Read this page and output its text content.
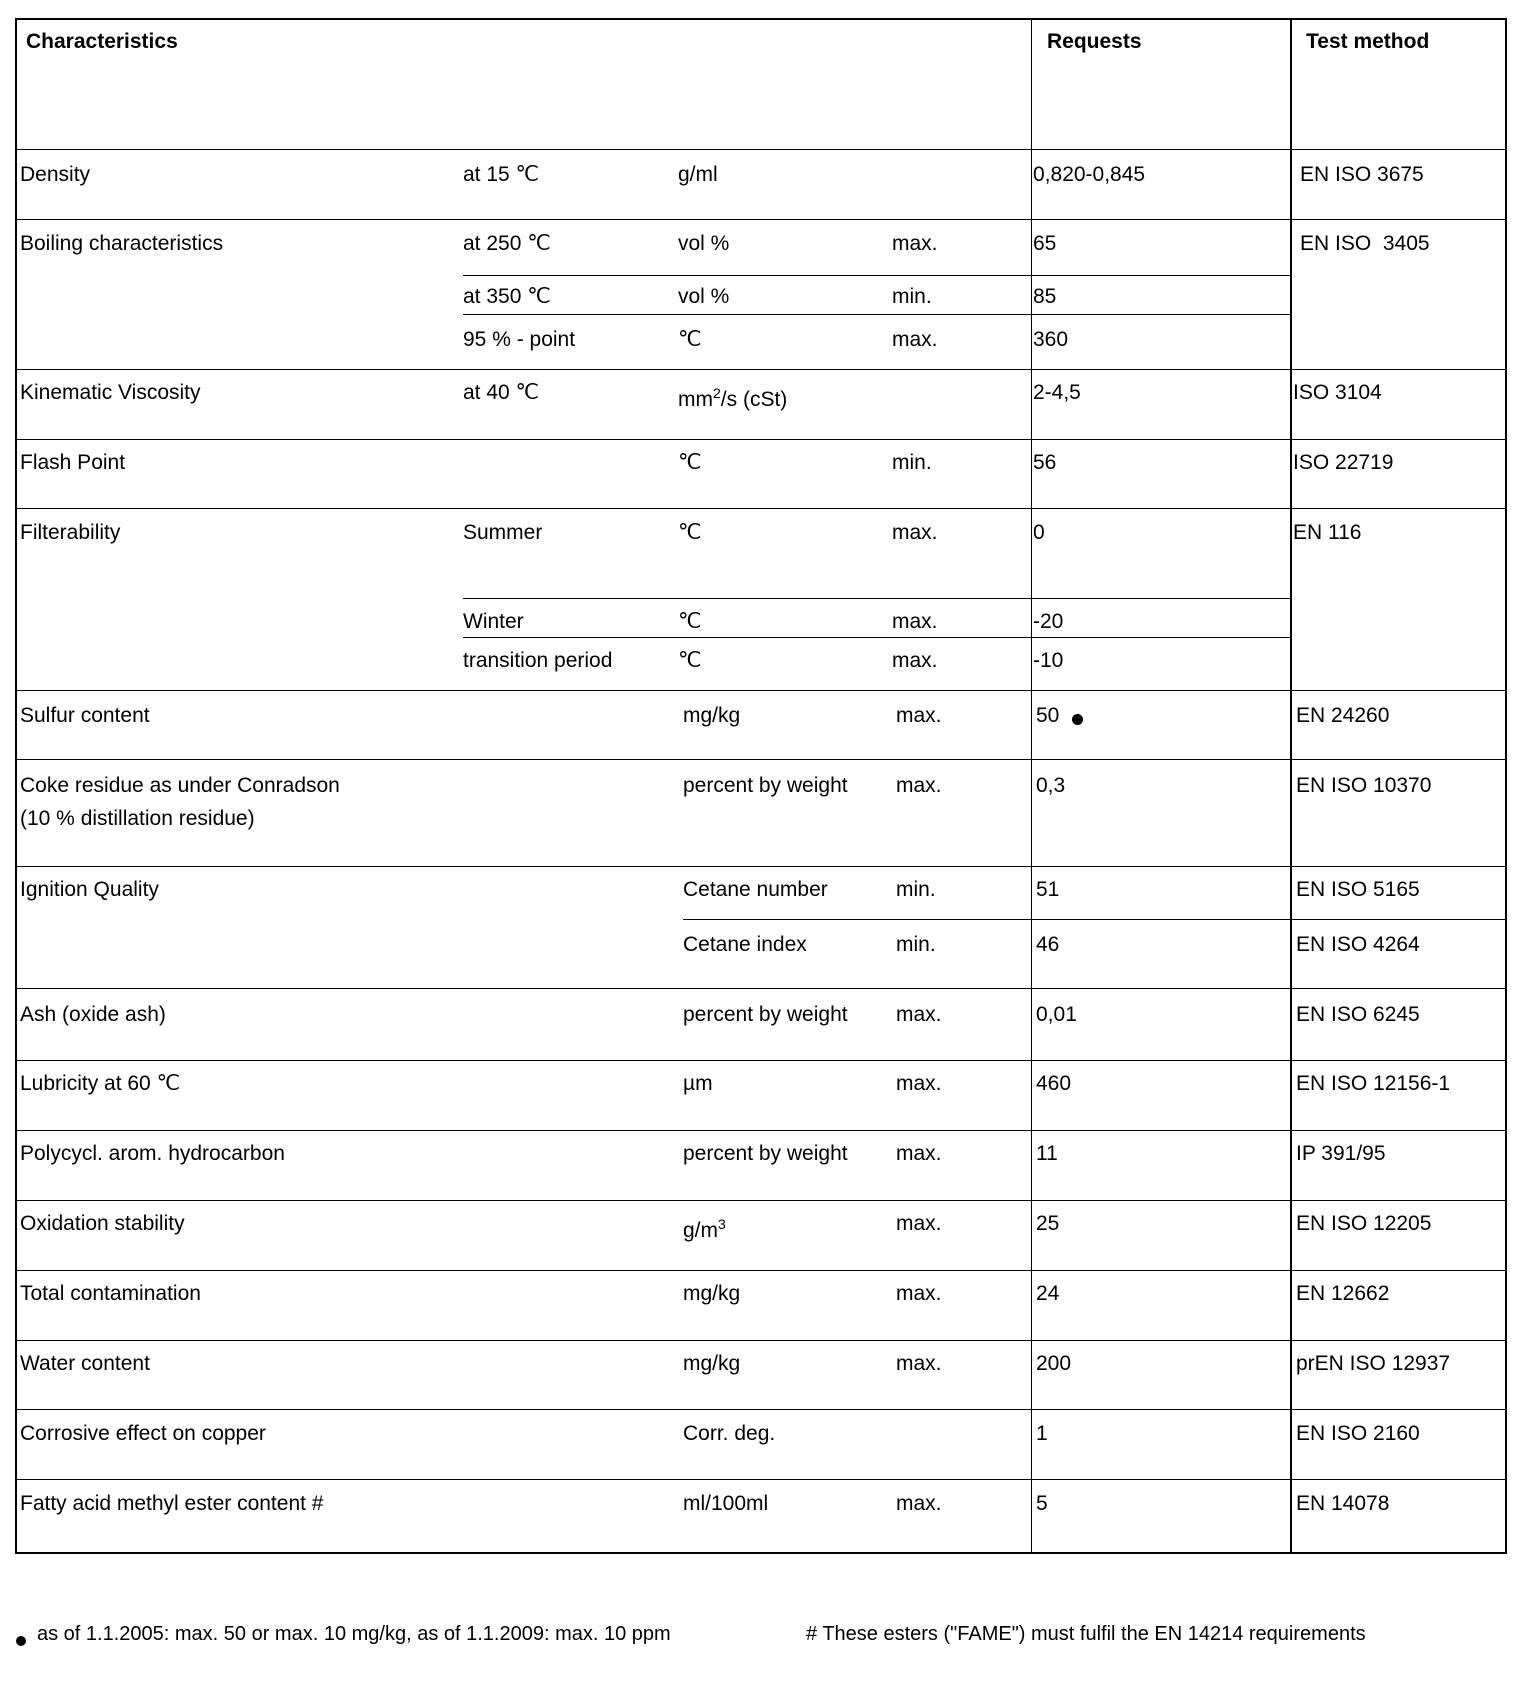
Characteristics	Requests	Test method
Density	at 15 ℃	g/ml	0,820-0,845	EN ISO 3675
Boiling characteristics	EN ISO  3405
at 250 ℃	vol %	max.	65
at 350 ℃	vol %	min.	85
95 % - point	℃	max.	360
Kinematic Viscosity	at 40 ℃	$mm^2/s$ (cSt)	2-4,5	ISO 3104
Flash Point	℃	min.	56	ISO 22719
Filterability	EN 116
Summer	℃	max.	0
Winter	℃	max.	-20
transition period	℃	max.	-10
Sulfur content	mg/kg	max.	50	EN 24260
Coke residue as under Conradson
(10 % distillation residue)
percent by weight max.	0,3	EN ISO 10370
Ignition Quality	Cetane number	min.	51	EN ISO 5165
Cetane index	min.	46	EN ISO 4264
Ash (oxide ash)	percent by weight max.	0,01	EN ISO 6245
Lubricity at 60 ℃	µm	max.	460	EN ISO 12156-1
Polycycl. arom. hydrocarbon	percent by weight max.	11	IP 391/95
Oxidation stability	$g/m^3$	max.	25	EN ISO 12205
Total contamination	mg/kg	max.	24	EN 12662
Water content	mg/kg	max.	200	prEN ISO 12937
Corrosive effect on copper	Corr. deg.	1	EN ISO 2160
Fatty acid methyl ester content #	ml/100ml	max.	5	EN 14078
as of 1.1.2005: max. 50 or max. 10 mg/kg, as of 1.1.2009: max. 10 ppm	# These esters ("FAME") must fulfil the EN 14214 requirements
